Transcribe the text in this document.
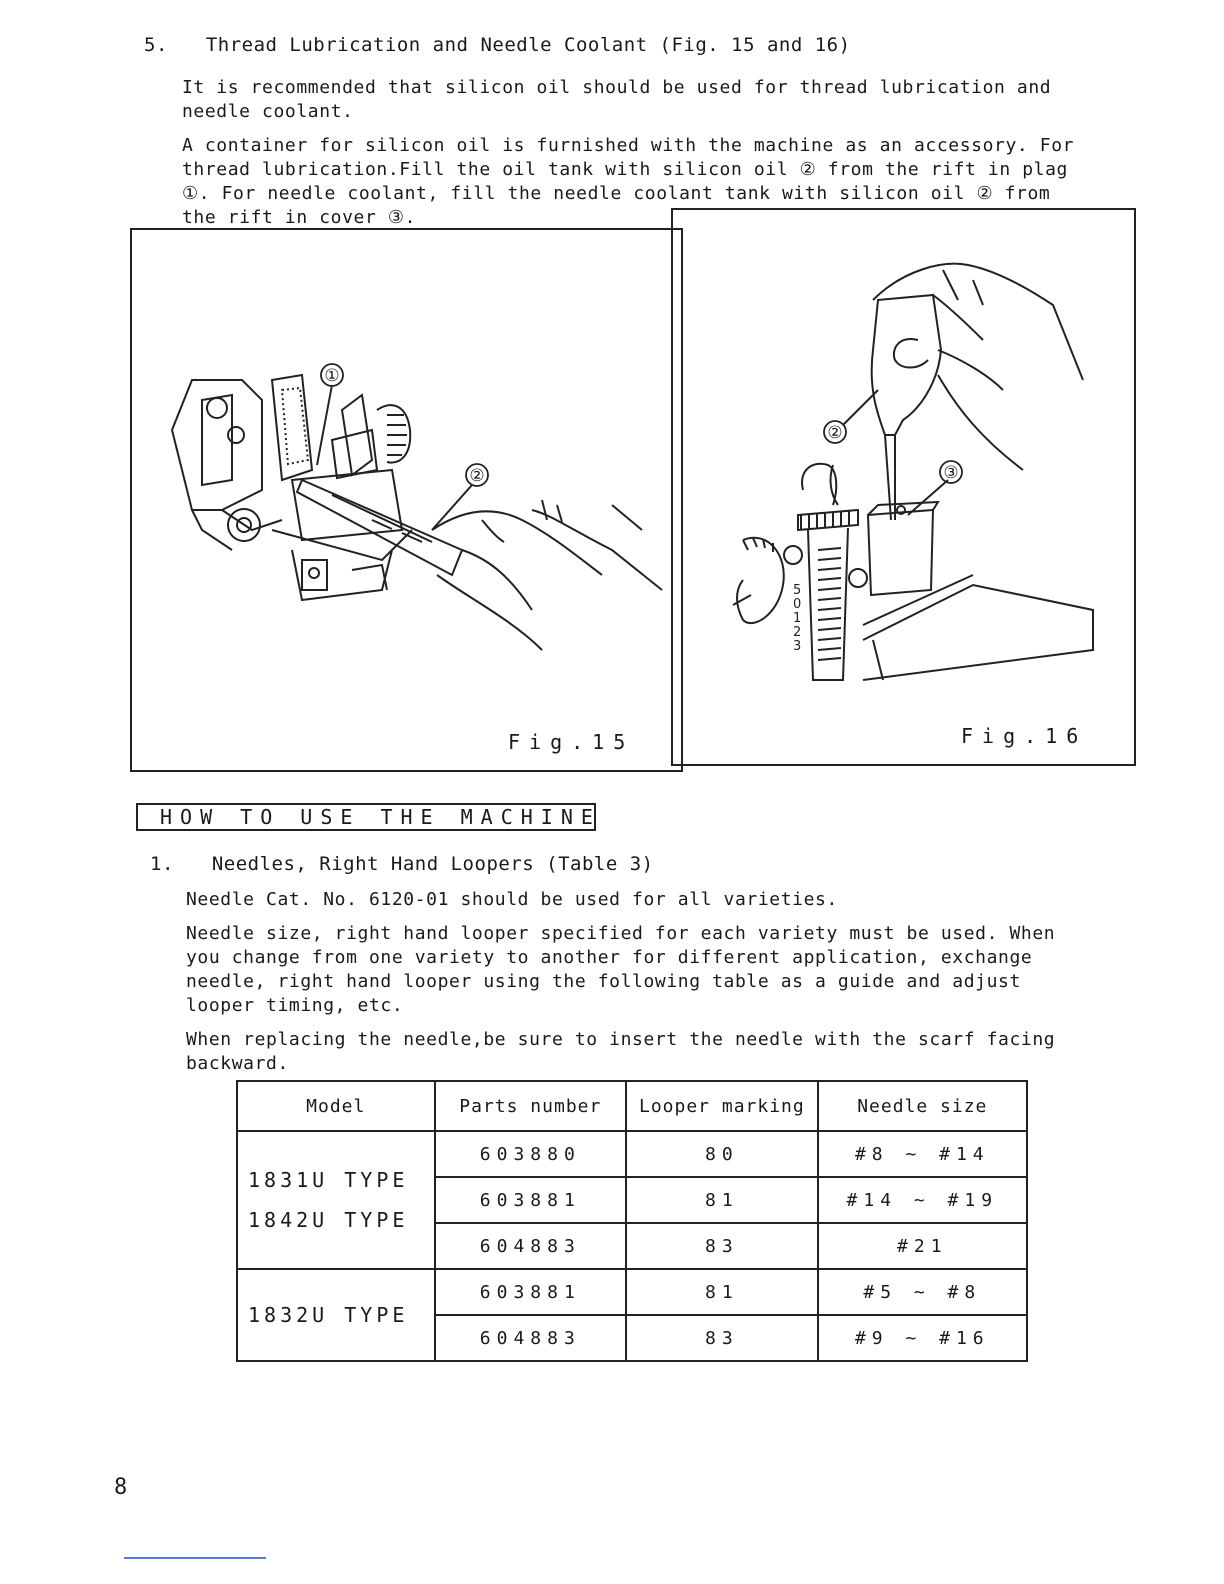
5. Thread Lubrication and Needle Coolant (Fig. 15 and 16)

It is recommended that silicon oil should be used for thread lubrication and needle coolant.

A container for silicon oil is furnished with the machine as an accessory. For thread lubrication.Fill the oil tank with silicon oil ② from the rift in plag ①. For needle coolant, fill the needle coolant tank with silicon oil ② from the rift in cover ③.

①
②
Fig.15
②
③
5
0
1
2
3
Fig.16
HOW TO USE THE MACHINE
1. Needles, Right Hand Loopers (Table 3)

Needle Cat. No. 6120-01 should be used for all varieties.

Needle size, right hand looper specified for each variety must be used. When you change from one variety to another for different application, exchange needle, right hand looper using the following table as a guide and adjust looper timing, etc.

When replacing the needle,be sure to insert the needle with the scarf facing backward.

Model	Parts number	Looper marking	Needle size

1831U TYPE
1842U TYPE	603880	80	#8 ~ #14
	603881	81	#14 ~ #19
	604883	83	#21

1832U TYPE	603881	81	#5 ~ #8
	604883	83	#9 ~ #16
8
